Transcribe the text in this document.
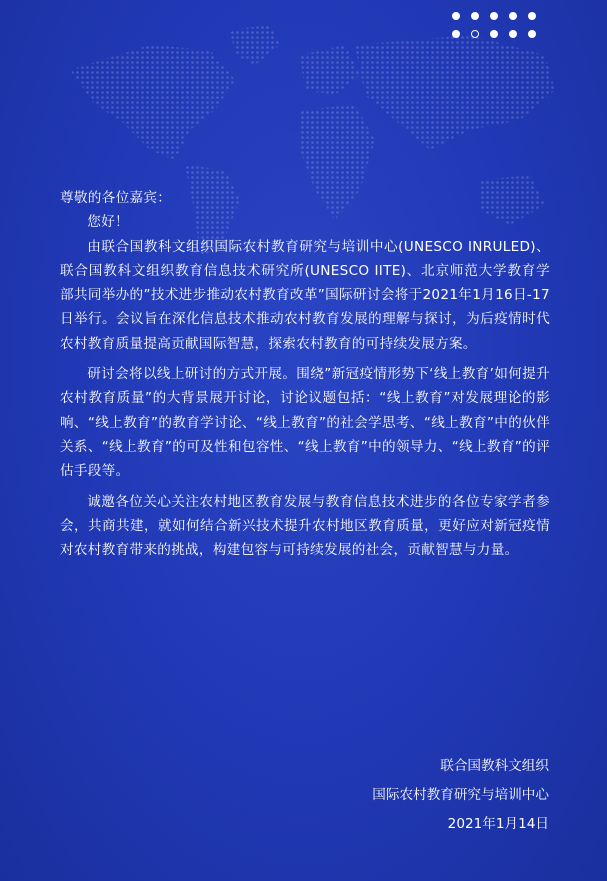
尊敬的各位嘉宾：

您好！

由联合国教科文组织国际农村教育研究与培训中心(UNESCO INRULED)、联合国教科文组织教育信息技术研究所(UNESCO IITE)、北京师范大学教育学部共同举办的”技术进步推动农村教育改革”国际研讨会将于2021年1月16日-17日举行。会议旨在深化信息技术推动农村教育发展的理解与探讨，为后疫情时代农村教育质量提高贡献国际智慧，探索农村教育的可持续发展方案。

研讨会将以线上研讨的方式开展。围绕”新冠疫情形势下‘线上教育’如何提升农村教育质量”的大背景展开讨论，讨论议题包括：“线上教育”对发展理论的影响、“线上教育”的教育学讨论、“线上教育”的社会学思考、“线上教育”中的伙伴关系、“线上教育”的可及性和包容性、“线上教育”中的领导力、“线上教育”的评估手段等。

诚邀各位关心关注农村地区教育发展与教育信息技术进步的各位专家学者参会，共商共建，就如何结合新兴技术提升农村地区教育质量，更好应对新冠疫情对农村教育带来的挑战，构建包容与可持续发展的社会，贡献智慧与力量。

联合国教科文组织
国际农村教育研究与培训中心
2021年1月14日
